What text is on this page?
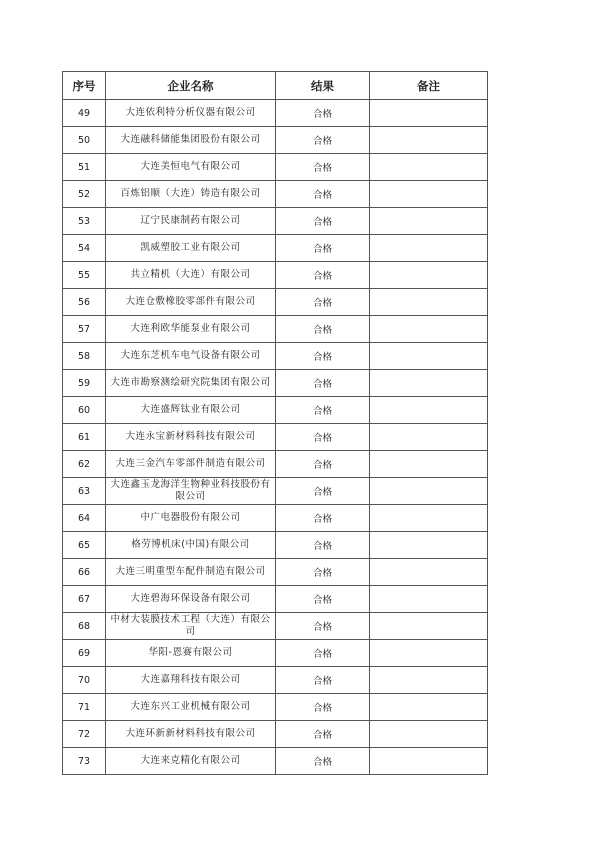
序号	企业名称	结果	备注
49	大连依利特分析仪器有限公司	合格	
50	大连融科储能集团股份有限公司	合格	
51	大连美恒电气有限公司	合格	
52	百炼铝顺（大连）铸造有限公司	合格	
53	辽宁民康制药有限公司	合格	
54	凯威塑胶工业有限公司	合格	
55	共立精机（大连）有限公司	合格	
56	大连仓敷橡胶零部件有限公司	合格	
57	大连利欧华能泵业有限公司	合格	
58	大连东芝机车电气设备有限公司	合格	
59	大连市勘察测绘研究院集团有限公司	合格	
60	大连盛辉钛业有限公司	合格	
61	大连永宝新材料科技有限公司	合格	
62	大连三金汽车零部件制造有限公司	合格	
63	大连鑫玉龙海洋生物种业科技股份有限公司	合格	
64	中广电器股份有限公司	合格	
65	格劳博机床(中国)有限公司	合格	
66	大连三明重型车配件制造有限公司	合格	
67	大连碧海环保设备有限公司	合格	
68	中材大装膜技术工程（大连）有限公司	合格	
69	华阳-恩赛有限公司	合格	
70	大连嘉翔科技有限公司	合格	
71	大连东兴工业机械有限公司	合格	
72	大连环新新材料科技有限公司	合格	
73	大连来克精化有限公司	合格	
